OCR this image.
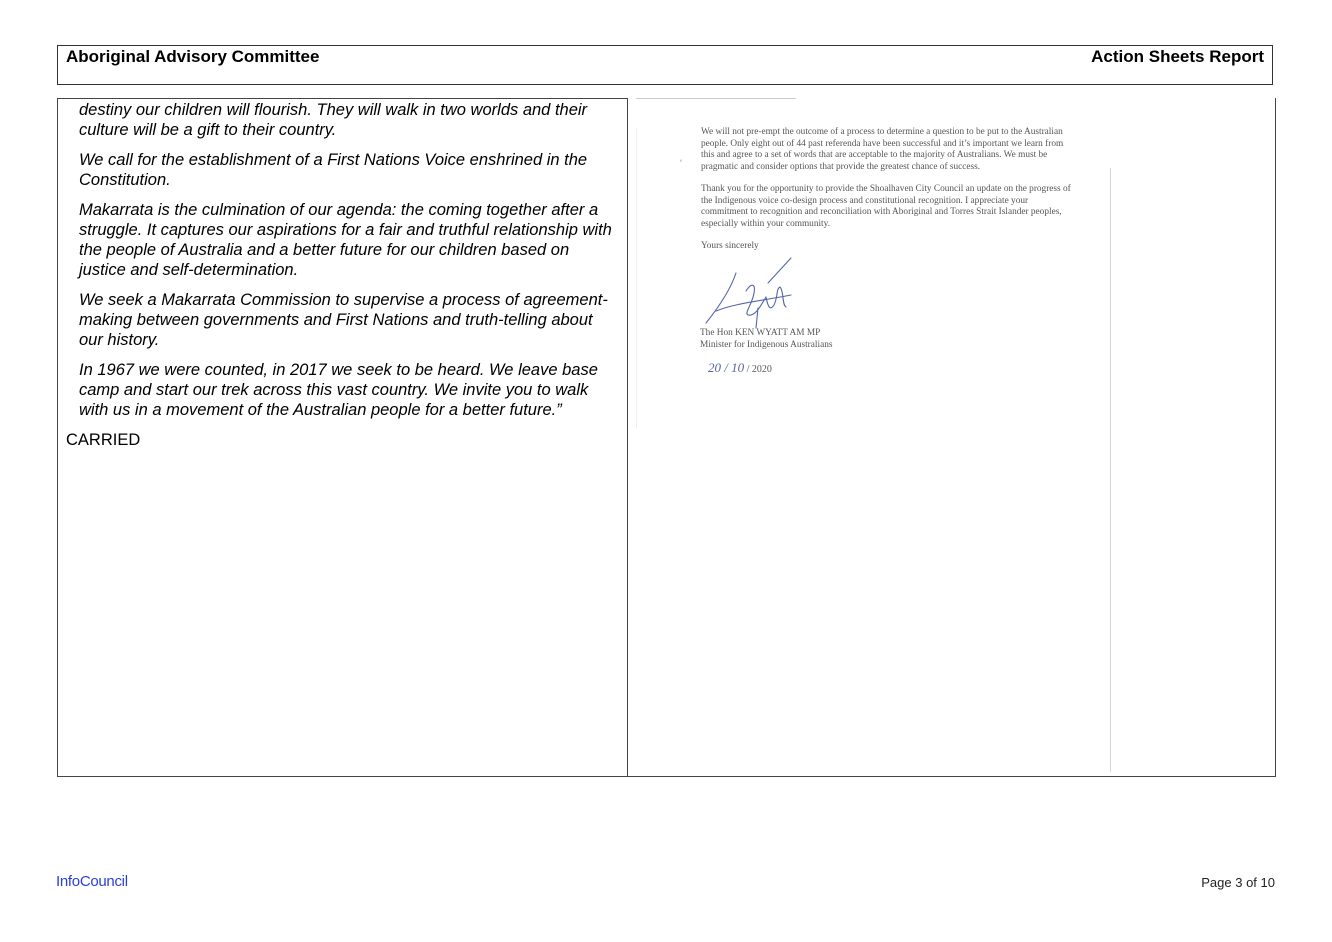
Aboriginal Advisory Committee	Action Sheets Report

destiny our children will flourish. They will walk in two worlds and their culture will be a gift to their country.

We call for the establishment of a First Nations Voice enshrined in the Constitution.

Makarrata is the culmination of our agenda: the coming together after a struggle. It captures our aspirations for a fair and truthful relationship with the people of Australia and a better future for our children based on justice and self-determination.

We seek a Makarrata Commission to supervise a process of agreement-making between governments and First Nations and truth-telling about our history.

In 1967 we were counted, in 2017 we seek to be heard. We leave base camp and start our trek across this vast country. We invite you to walk with us in a movement of the Australian people for a better future.”

CARRIED

‘

We will not pre-empt the outcome of a process to determine a question to be put to the Australian people. Only eight out of 44 past referenda have been successful and it’s important we learn from this and agree to a set of words that are acceptable to the majority of Australians. We must be pragmatic and consider options that provide the greatest chance of success.

Thank you for the opportunity to provide the Shoalhaven City Council an update on the progress of the Indigenous voice co-design process and constitutional recognition. I appreciate your commitment to recognition and reconciliation with Aboriginal and Torres Strait Islander peoples, especially within your community.

Yours sincerely

The Hon KEN WYATT AM MP
Minister for Indigenous Australians
20 / 10 / 2020
InfoCouncil	Page 3 of 10
